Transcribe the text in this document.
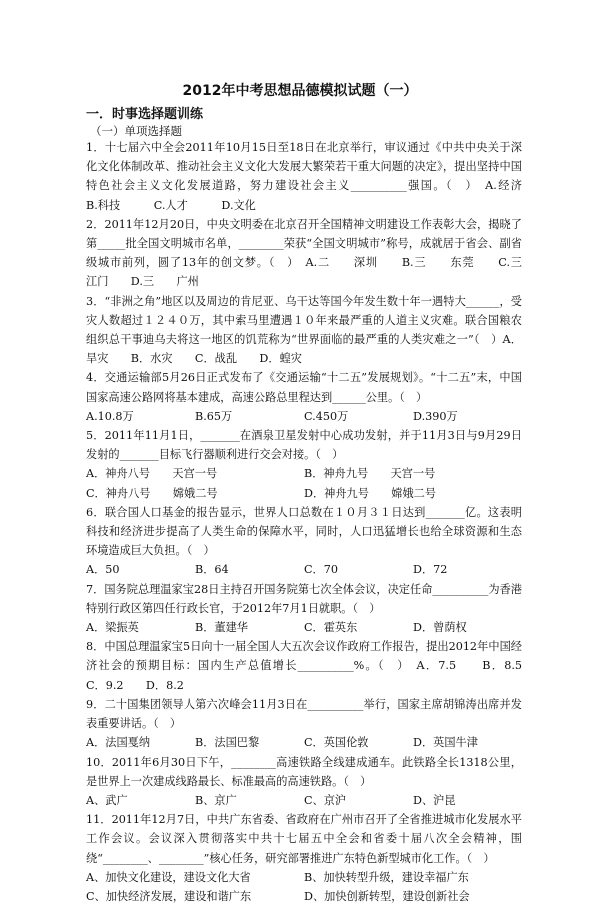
2012年中考思想品德模拟试题（一）
一．时事选择题训练
（一）单项选择题
1．十七届六中全会2011年10月15日至18日在北京举行，审议通过《中共中央关于深化文化体制改革、推动社会主义文化大发展大繁荣若干重大问题的决定》，提出坚持中国特色社会主义文化发展道路，努力建设社会主义__________强国。（　）　A.经济　　　B.科技　　　C.人才　　　D.文化
2．2011年12月20日，中央文明委在北京召开全国精神文明建设工作表彰大会，揭晓了第_____批全国文明城市名单，________荣获“全国文明城市”称号，成就居于省会、副省级城市前列，圆了13年的创文梦。（　）　A.二　　深圳　　B.三　　东莞　　C.三　　江门　　D.三　　广州
3．“非洲之角”地区以及周边的肯尼亚、乌干达等国今年发生数十年一遇特大______，受灾人数超过１２４０万，其中索马里遭遇１０年来最严重的人道主义灾难。联合国粮农组织总干事迪乌夫将这一地区的饥荒称为“世界面临的最严重的人类灾难之一”（　）A．旱灾　　B．水灾　　C．战乱　　D．蝗灾
4．交通运输部5月26日正式发布了《交通运输“十二五”发展规划》。“十二五”末，中国国家高速公路网将基本建成，高速公路总里程达到______公里。（　）
A.10.8万	B.65万	C.450万	D.390万
5．2011年11月1日，_______在酒泉卫星发射中心成功发射，并于11月3日与9月29日发射的_______目标飞行器顺利进行交会对接。（　）
A．神舟八号　　天宫一号	B．神舟九号　　天宫一号
C．神舟八号　　嫦娥二号	D．神舟九号　　嫦娥二号
6．联合国人口基金的报告显示，世界人口总数在１０月３１日达到_______亿。这表明科技和经济进步提高了人类生命的保障水平，同时，人口迅猛增长也给全球资源和生态环境造成巨大负担。（　）
A．50	B．64	C．70	D．72
7．国务院总理温家宝28日主持召开国务院第七次全体会议，决定任命__________为香港特别行政区第四任行政长官，于2012年7月1日就职。（　）
A．梁振英	B．董建华	C．霍英东	D．曾荫权
8．中国总理温家宝5日向十一届全国人大五次会议作政府工作报告，提出2012年中国经济社会的预期目标：国内生产总值增长__________%。（　）　A．7.5　　B．8.5　　C．9.2　　D．8.2
9．二十国集团领导人第六次峰会11月3日在__________举行，国家主席胡锦涛出席并发表重要讲话。（　）
A．法国戛纳	B．法国巴黎	C．英国伦敦	D．英国牛津
10．2011年6月30日下午，________高速铁路全线建成通车。此铁路全长1318公里，是世界上一次建成线路最长、标准最高的高速铁路。（　）
A、武广	B、京广	C、京沪	D、沪昆
11．2011年12月7日，中共广东省委、省政府在广州市召开了全省推进城市化发展水平工作会议。会议深入贯彻落实中共十七届五中全会和省委十届八次全会精神，围绕“________、________”核心任务，研究部署推进广东特色新型城市化工作。（　）
A、加快文化建设，建设文化大省	B、加快转型升级，建设幸福广东
C、加快经济发展，建设和谐广东	D、加快创新转型，建设创新社会
